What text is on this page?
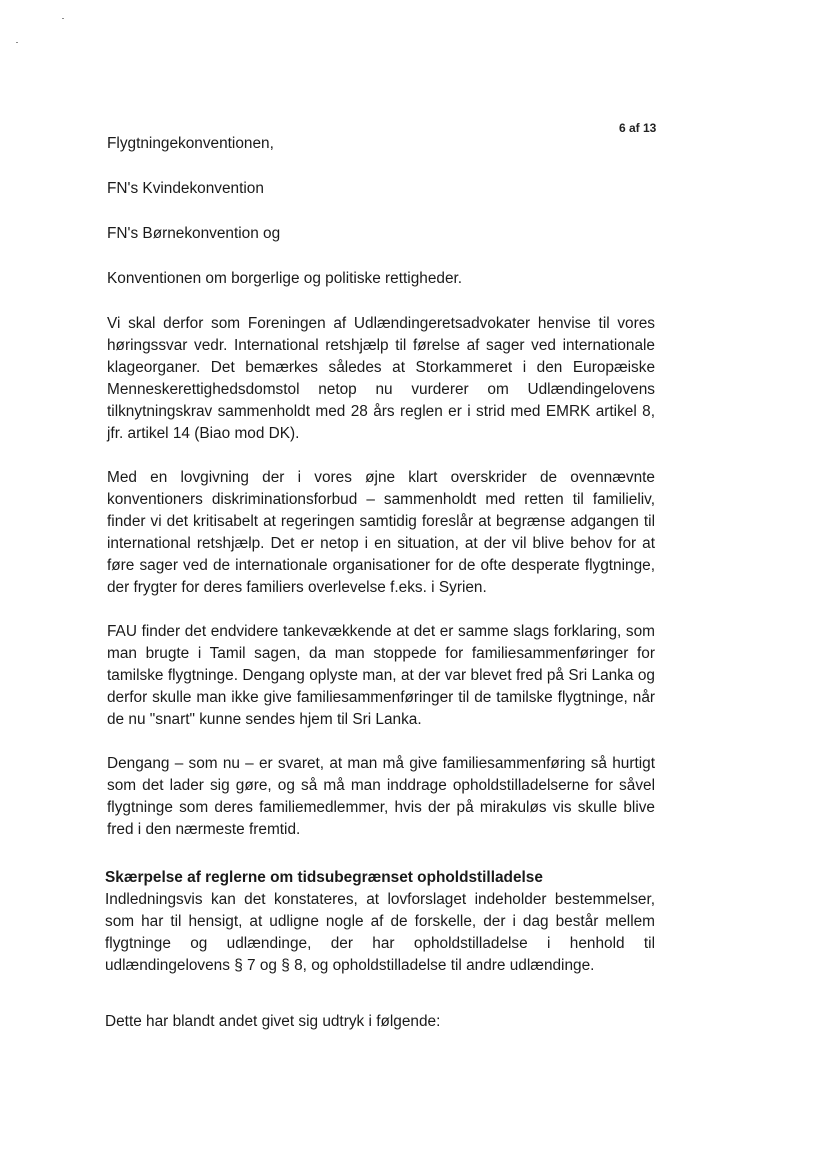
6 af 13
Flygtningekonventionen,
FN's Kvindekonvention
FN's Børnekonvention og
Konventionen om borgerlige og politiske rettigheder.
Vi skal derfor som Foreningen af Udlændingeretsadvokater henvise til vores høringssvar vedr. International retshjælp til førelse af sager ved internationale klageorganer. Det bemærkes således at Storkammeret i den Europæiske Menneskerettighedsdomstol netop nu vurderer om Udlændingelovens tilknytningskrav sammenholdt med 28 års reglen er i strid med EMRK artikel 8, jfr. artikel 14 (Biao mod DK).
Med en lovgivning der i vores øjne klart overskrider de ovennævnte konventioners diskriminationsforbud – sammenholdt med retten til familieliv, finder vi det kritisabelt at regeringen samtidig foreslår at begrænse adgangen til international retshjælp. Det er netop i en situation, at der vil blive behov for at føre sager ved de internationale organisationer for de ofte desperate flygtninge, der frygter for deres familiers overlevelse f.eks. i Syrien.
FAU finder det endvidere tankevækkende at det er samme slags forklaring, som man brugte i Tamil sagen, da man stoppede for familiesammenføringer for tamilske flygtninge. Dengang oplyste man, at der var blevet fred på Sri Lanka og derfor skulle man ikke give familiesammenføringer til de tamilske flygtninge, når de nu "snart" kunne sendes hjem til Sri Lanka.
Dengang – som nu – er svaret, at man må give familiesammenføring så hurtigt som det lader sig gøre, og så må man inddrage opholdstilladelserne for såvel flygtninge som deres familiemedlemmer, hvis der på mirakuløs vis skulle blive fred i den nærmeste fremtid.
Skærpelse af reglerne om tidsubegrænset opholdstilladelse
Indledningsvis kan det konstateres, at lovforslaget indeholder bestemmelser, som har til hensigt, at udligne nogle af de forskelle, der i dag består mellem flygtninge og udlændinge, der har opholdstilladelse i henhold til udlændingelovens § 7 og § 8, og opholdstilladelse til andre udlændinge.
Dette har blandt andet givet sig udtryk i følgende:
